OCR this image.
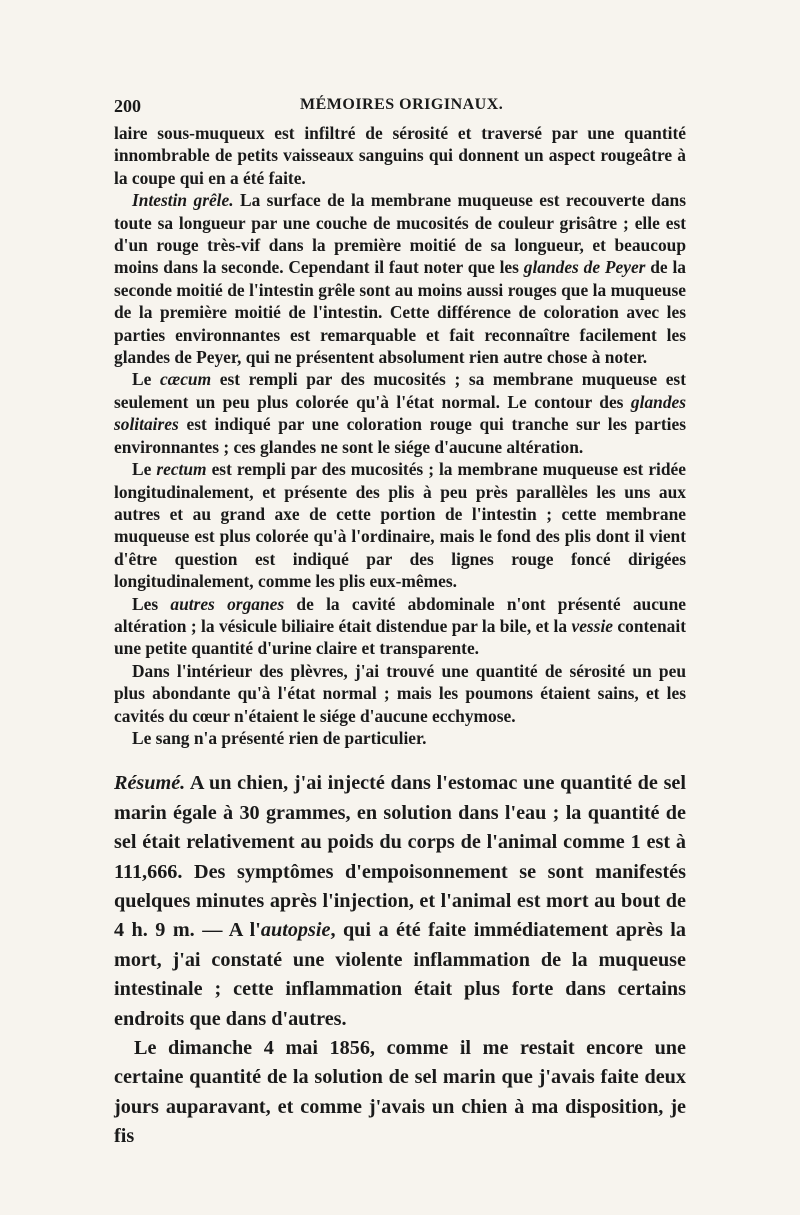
200	MÉMOIRES ORIGINAUX.

laire sous-muqueux est infiltré de sérosité et traversé par une quantité innombrable de petits vaisseaux sanguins qui donnent un aspect rougeâtre à la coupe qui en a été faite.

Intestin grêle. La surface de la membrane muqueuse est recouverte dans toute sa longueur par une couche de mucosités de couleur grisâtre ; elle est d'un rouge très-vif dans la première moitié de sa longueur, et beaucoup moins dans la seconde. Cependant il faut noter que les glandes de Peyer de la seconde moitié de l'intestin grêle sont au moins aussi rouges que la muqueuse de la première moitié de l'intestin. Cette différence de coloration avec les parties environnantes est remarquable et fait reconnaître facilement les glandes de Peyer, qui ne présentent absolument rien autre chose à noter.

Le cæcum est rempli par des mucosités ; sa membrane muqueuse est seulement un peu plus colorée qu'à l'état normal. Le contour des glandes solitaires est indiqué par une coloration rouge qui tranche sur les parties environnantes ; ces glandes ne sont le siége d'aucune altération.

Le rectum est rempli par des mucosités ; la membrane muqueuse est ridée longitudinalement, et présente des plis à peu près parallèles les uns aux autres et au grand axe de cette portion de l'intestin ; cette membrane muqueuse est plus colorée qu'à l'ordinaire, mais le fond des plis dont il vient d'être question est indiqué par des lignes rouge foncé dirigées longitudinalement, comme les plis eux-mêmes.

Les autres organes de la cavité abdominale n'ont présenté aucune altération ; la vésicule biliaire était distendue par la bile, et la vessie contenait une petite quantité d'urine claire et transparente.

Dans l'intérieur des plèvres, j'ai trouvé une quantité de sérosité un peu plus abondante qu'à l'état normal ; mais les poumons étaient sains, et les cavités du cœur n'étaient le siége d'aucune ecchymose.

Le sang n'a présenté rien de particulier.

Résumé. A un chien, j'ai injecté dans l'estomac une quantité de sel marin égale à 30 grammes, en solution dans l'eau ; la quantité de sel était relativement au poids du corps de l'animal comme 1 est à 111,666. Des symptômes d'empoisonnement se sont manifestés quelques minutes après l'injection, et l'animal est mort au bout de 4 h. 9 m. — A l'autopsie, qui a été faite immédiatement après la mort, j'ai constaté une violente inflammation de la muqueuse intestinale ; cette inflammation était plus forte dans certains endroits que dans d'autres.

Le dimanche 4 mai 1856, comme il me restait encore une certaine quantité de la solution de sel marin que j'avais faite deux jours auparavant, et comme j'avais un chien à ma disposition, je fis
